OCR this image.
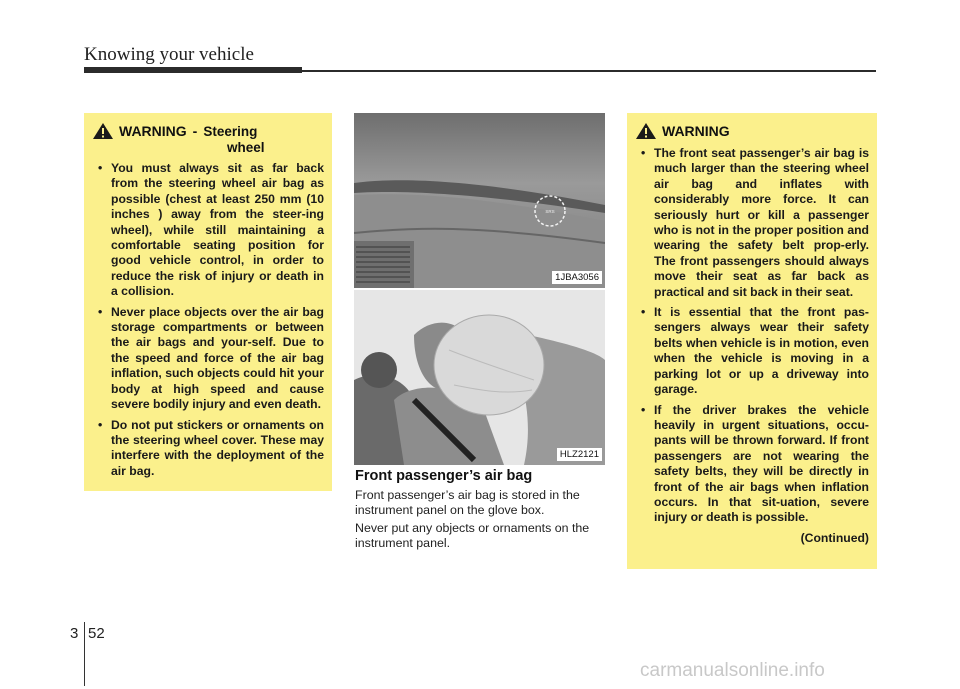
Knowing your vehicle
WARNING - Steering
wheel
• You must always sit as far back from the steering wheel air bag as possible (chest at least 250 mm (10 inches ) away from the steer-ing wheel), while still maintaining a comfortable seating position for good vehicle control, in order to reduce the risk of injury or death in a collision.
• Never place objects over the air bag storage compartments or between the air bags and your-self. Due to the speed and force of the air bag inflation, such objects could hit your body at high speed and cause severe bodily injury and even death.
• Do not put stickers or ornaments on the steering wheel cover. These may interfere with the deployment of the air bag.
SRS
1JBA3056
HLZ2121
Front passenger’s air bag
Front passenger’s air bag is stored in the instrument panel on the glove box.
Never put any objects or ornaments on the instrument panel.
WARNING
• The front seat passenger’s air bag is much larger than the steering wheel air bag and inflates with considerably more force. It can seriously hurt or kill a passenger who is not in the proper position and wearing the safety belt prop-erly. The front passengers should always move their seat as far back as practical and sit back in their seat.
• It is essential that the front pas-sengers always wear their safety belts when vehicle is in motion, even when the vehicle is moving in a parking lot or up a driveway into garage.
• If the driver brakes the vehicle heavily in urgent situations, occu-pants will be thrown forward. If front passengers are not wearing the safety belts, they will be directly in front of the air bags when inflation occurs. In that sit-uation, severe injury or death is possible.
(Continued)
3 52
carmanualsonline.info
